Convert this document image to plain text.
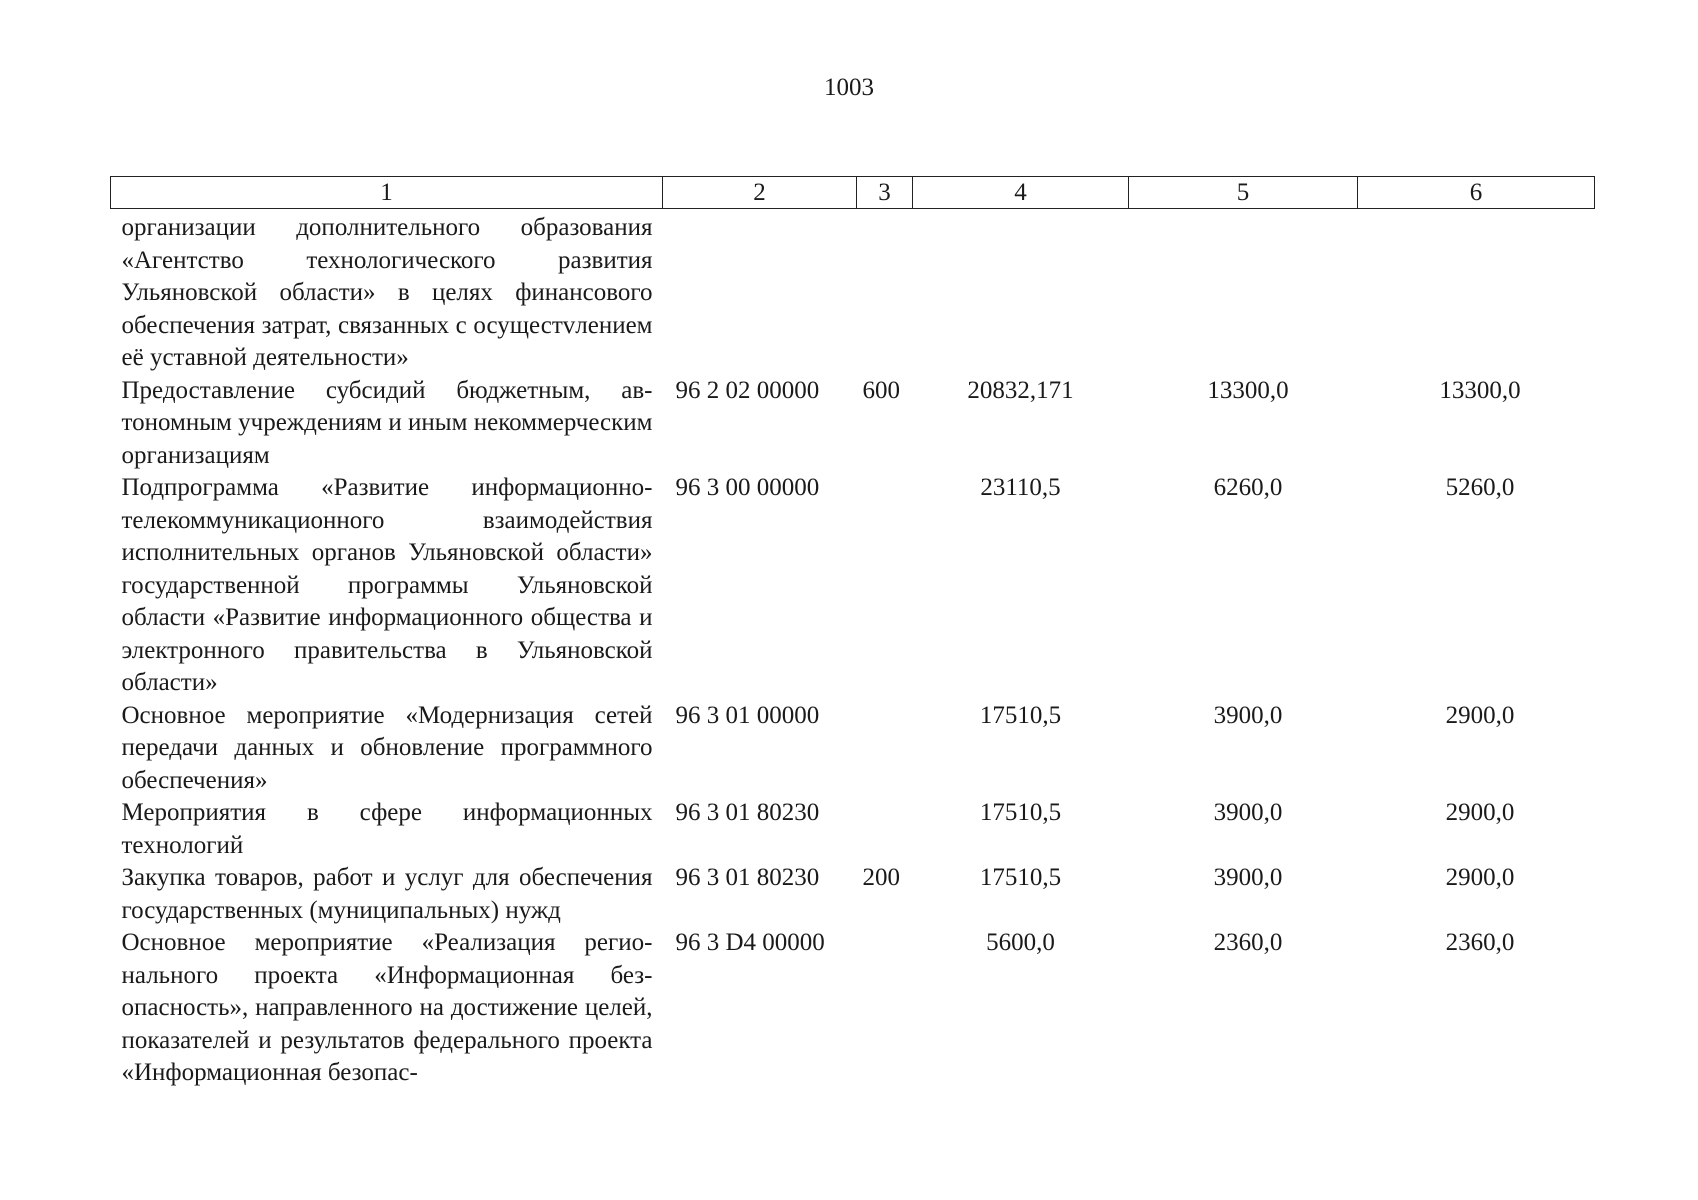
1003
1	2	3	4	5	6
организации дополнительного образования «Агентство технологического развития Ульяновской области» в целях финансового обеспечения затрат, связанных с осущестvлением её уставной деятельности»					
Предоставление субсидий бюджетным, автономным учреждениям и иным некоммерческим организациям	96 2 02 00000	600	20832,171	13300,0	13300,0
Подпрограмма «Развитие информационно-телекоммуникационного взаимодействия исполнительных органов Ульяновской области» государственной программы Ульяновской области «Развитие информационного общества и электронного правительства в Ульяновской области»	96 3 00 00000		23110,5	6260,0	5260,0
Основное мероприятие «Модернизация сетей передачи данных и обновление программного обеспечения»	96 3 01 00000		17510,5	3900,0	2900,0
Мероприятия в сфере информационных технологий	96 3 01 80230		17510,5	3900,0	2900,0
Закупка товаров, работ и услуг для обеспечения государственных (муниципальных) нужд	96 3 01 80230	200	17510,5	3900,0	2900,0
Основное мероприятие «Реализация регионального проекта «Информационная безопасность», направленного на достижение целей, показателей и результатов федерального проекта «Информационная безопас-	96 3 D4 00000		5600,0	2360,0	2360,0
